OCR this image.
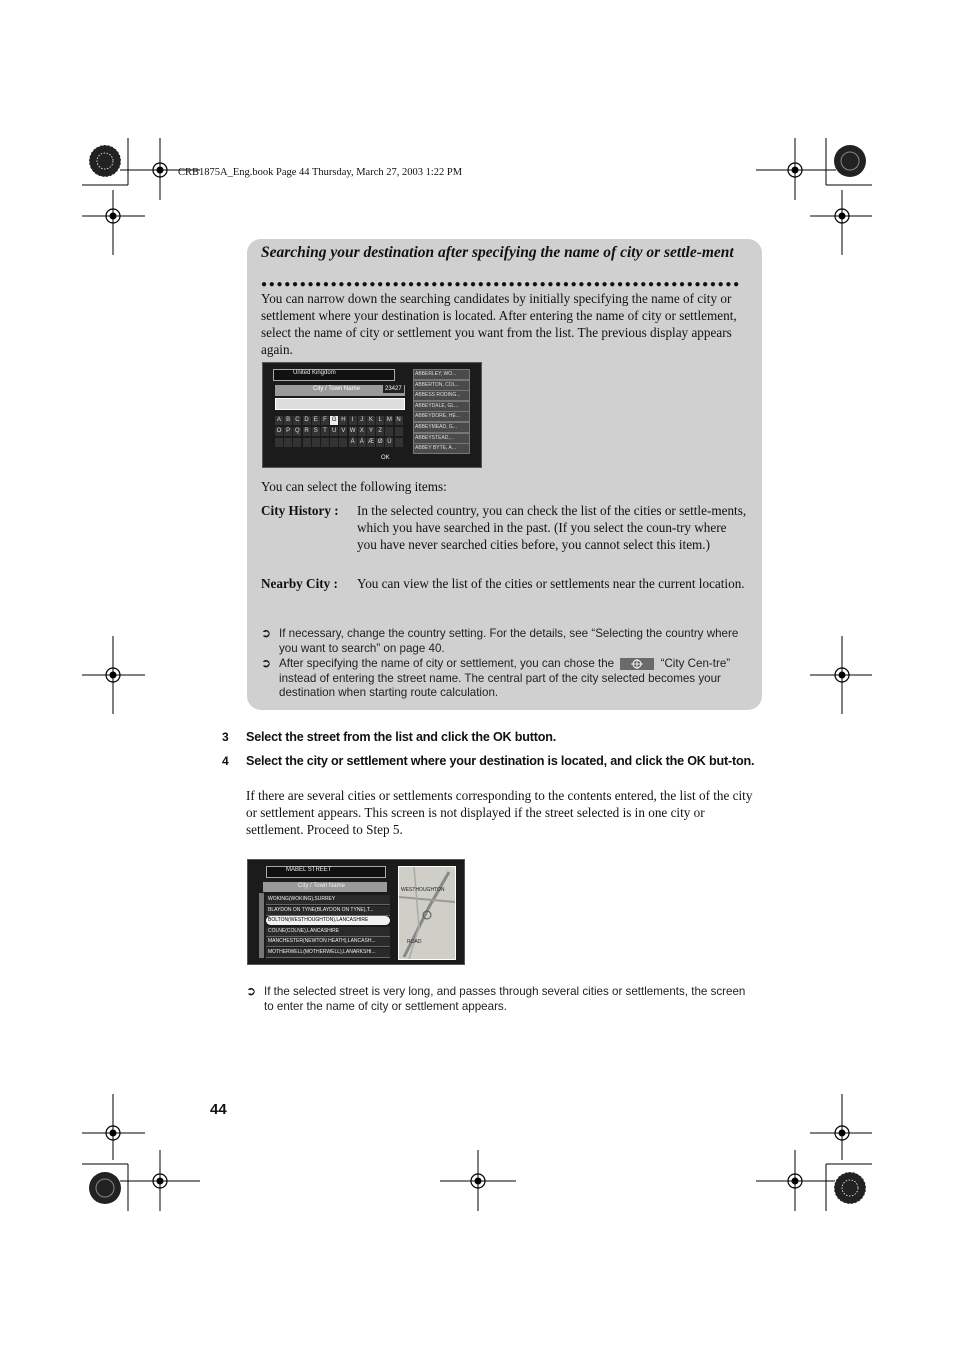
CRB1875A_Eng.book Page 44 Thursday, March 27, 2003 1:22 PM
Searching your destination after specifying the name of city or settle-ment
●●●●●●●●●●●●●●●●●●●●●●●●●●●●●●●●●●●●●●●●●●●●●●●●●●●●●●●●●●●●●●
You can narrow down the searching candidates by initially specifying the name of city or settlement where your destination is located. After entering the name of city or settlement, select the name of city or settlement you want from the list. The previous display appears again.
United Kingdom
City / Town Name	23427
A B C D E F G H	I	J K L M N
O P Q R S T U V W X Y Z
Ä Ä Æ Ø Ü
OK
ABBERLEY, WO...
ABBERTON, COL...
ABBESS RODING...
ABBEYDALE, GL...
ABBEYDORE, HE...
ABBEYMEAD, G...
ABBEYSTEAD,...
ABBEY BYTE, A...
You can select the following items:
City History : In the selected country, you can check the list of the cities or settle-ments, which you have searched in the past. (If you select the coun-try where you have never searched cities before, you cannot select this item.)
Nearby City : You can view the list of the cities or settlements near the current location.
➲ If necessary, change the country setting. For the details, see “Selecting the country where you want to search” on page 40.
➲ After specifying the name of city or settlement, you can chose the	“City Cen-tre” instead of entering the street name. The central part of the city selected becomes your destination when starting route calculation.
3 Select the street from the list and click the OK button.
4 Select the city or settlement where your destination is located, and click the OK but-ton.
If there are several cities or settlements corresponding to the contents entered, the list of the city or settlement appears. This screen is not displayed if the street selected is in one city or settlement. Proceed to Step 5.
MABEL STREET
City / Town Name
WOKING(WOKING),SURREY
BLAYDON ON TYNE(BLAYDON ON TYNE),T...
BOLTON(WESTHOUGHTON),LANCASHIRE
COLNE(COLNE),LANCASHIRE
MANCHESTER(NEWTON HEATH),LANCASH...
MOTHERWELL(MOTHERWELL),LANARKSHI...
WESTHOUGHTON
ROAD
➲ If the selected street is very long, and passes through several cities or settlements, the screen to enter the name of city or settlement appears.
44
